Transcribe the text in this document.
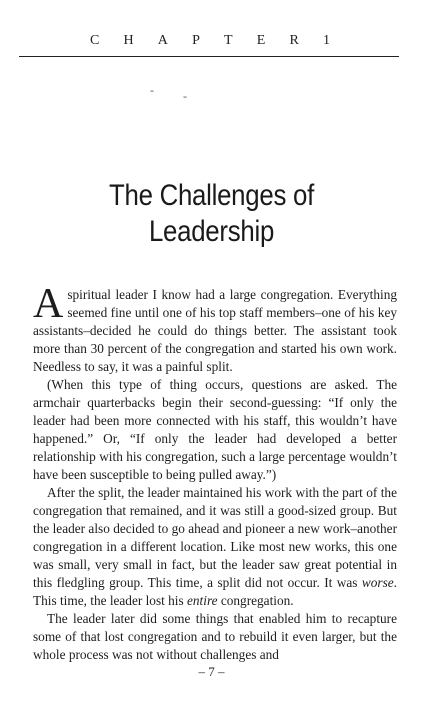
C H A P T E R 1
- -
The Challenges of
Leadership

Aspiritual leader I know had a large congregation. Everything seemed fine until one of his top staff members–one of his key assistants–decided he could do things better. The assistant took more than 30 percent of the congregation and started his own work. Needless to say, it was a painful split.

(When this type of thing occurs, questions are asked. The armchair quarterbacks begin their second-guessing: “If only the leader had been more connected with his staff, this wouldn’t have happened.” Or, “If only the leader had developed a better relationship with his congregation, such a large percentage wouldn’t have been susceptible to being pulled away.”)

After the split, the leader maintained his work with the part of the congregation that remained, and it was still a good-sized group. But the leader also decided to go ahead and pioneer a new work–another congregation in a different location. Like most new works, this one was small, very small in fact, but the leader saw great potential in this fledgling group. This time, a split did not occur. It was worse. This time, the leader lost his entire congregation.

The leader later did some things that enabled him to recapture some of that lost congregation and to rebuild it even larger, but the whole process was not without challenges and

– 7 –
